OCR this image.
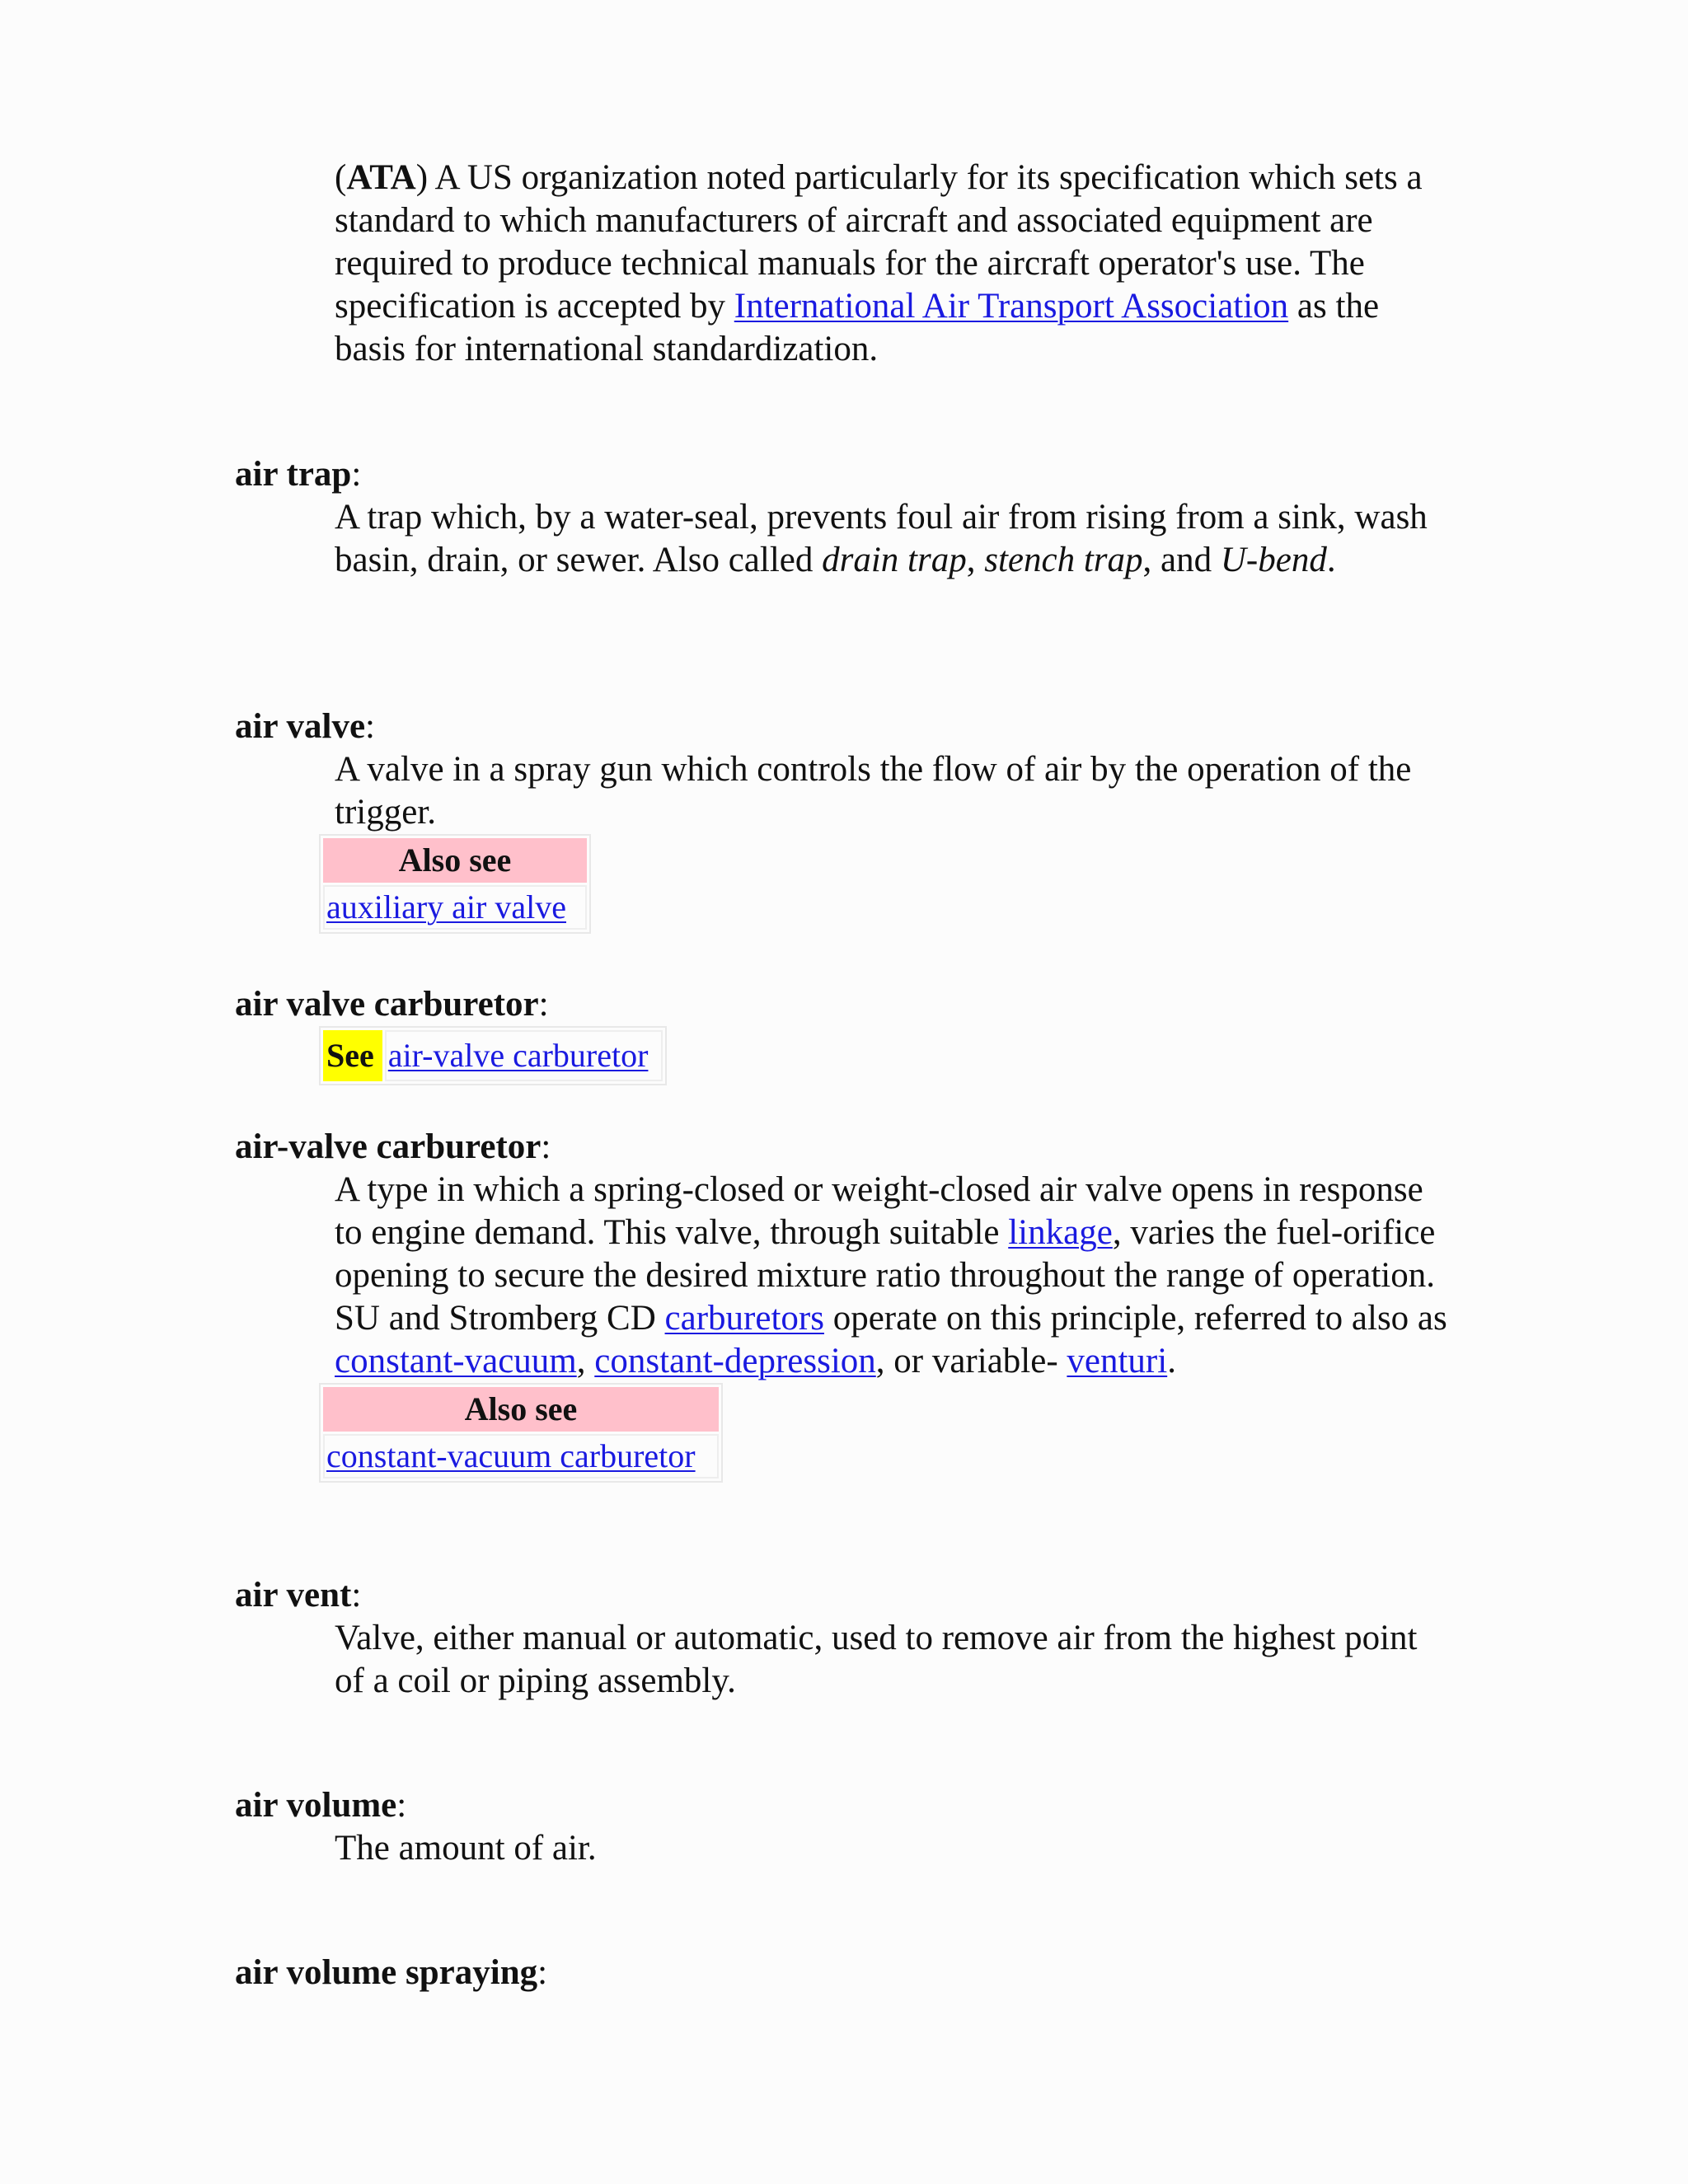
(ATA) A US organization noted particularly for its specification which sets a standard to which manufacturers of aircraft and associated equipment are required to produce technical manuals for the aircraft operator's use. The specification is accepted by International Air Transport Association as the basis for international standardization.
air trap:
A trap which, by a water-seal, prevents foul air from rising from a sink, wash basin, drain, or sewer. Also called drain trap, stench trap, and U-bend.
air valve:
A valve in a spray gun which controls the flow of air by the operation of the trigger.
Also see
auxiliary air valve
air valve carburetor:
See	air-valve carburetor
air-valve carburetor:
A type in which a spring-closed or weight-closed air valve opens in response to engine demand. This valve, through suitable linkage, varies the fuel-orifice opening to secure the desired mixture ratio throughout the range of operation. SU and Stromberg CD carburetors operate on this principle, referred to also as constant-vacuum, constant-depression, or variable- venturi.
Also see
constant-vacuum carburetor
air vent:
Valve, either manual or automatic, used to remove air from the highest point of a coil or piping assembly.
air volume:
The amount of air.
air volume spraying:
